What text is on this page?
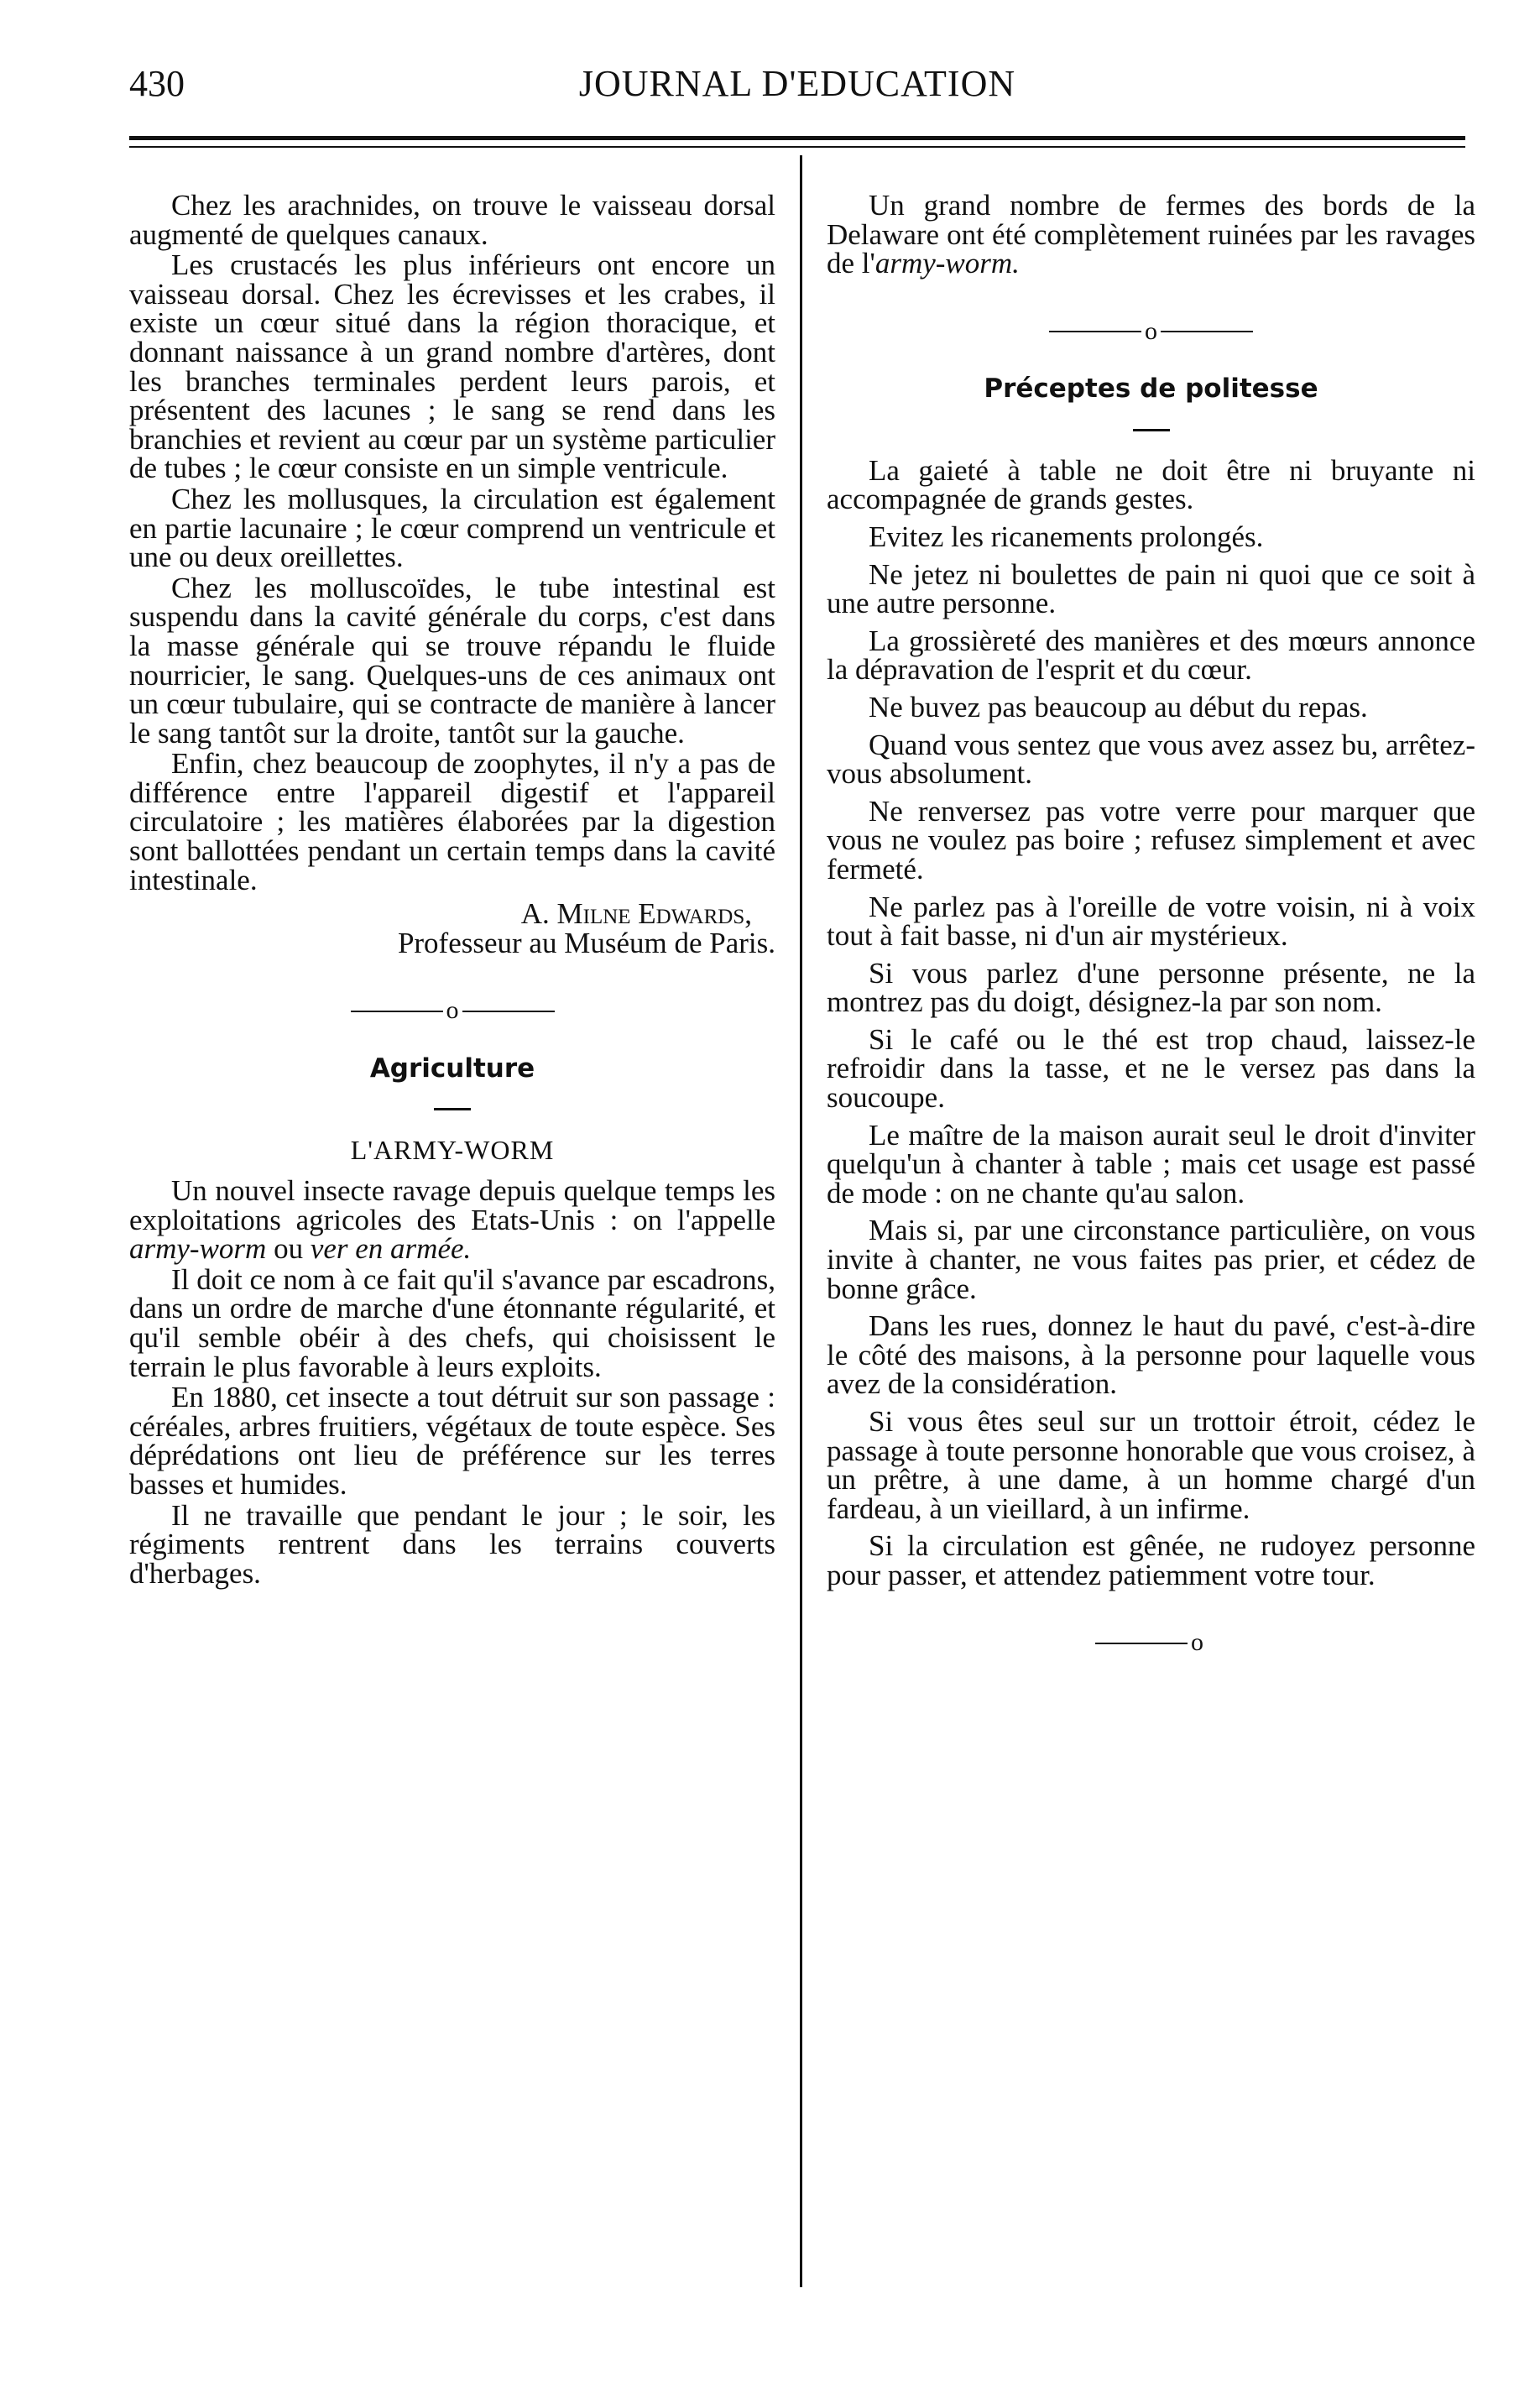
430	JOURNAL D'EDUCATION

Chez les arachnides, on trouve le vaisseau dorsal augmenté de quelques canaux.

Les crustacés les plus inférieurs ont encore un vaisseau dorsal. Chez les écrevisses et les crabes, il existe un cœur situé dans la région thoracique, et donnant naissance à un grand nombre d'artères, dont les branches terminales perdent leurs parois, et présentent des lacunes ; le sang se rend dans les branchies et revient au cœur par un système particulier de tubes ; le cœur consiste en un simple ventricule.

Chez les mollusques, la circulation est également en partie lacunaire ; le cœur comprend un ventricule et une ou deux oreillettes.

Chez les molluscoïdes, le tube intestinal est suspendu dans la cavité générale du corps, c'est dans la masse générale qui se trouve répandu le fluide nourricier, le sang. Quelques-uns de ces animaux ont un cœur tubulaire, qui se contracte de manière à lancer le sang tantôt sur la droite, tantôt sur la gauche.

Enfin, chez beaucoup de zoophytes, il n'y a pas de différence entre l'appareil digestif et l'appareil circulatoire ; les matières élaborées par la digestion sont ballottées pendant un certain temps dans la cavité intestinale.

A. Milne Edwards,
Professeur au Muséum de Paris.
o
Agriculture
L'ARMY-WORM

Un nouvel insecte ravage depuis quelque temps les exploitations agricoles des Etats-Unis : on l'appelle army-worm ou ver en armée.

Il doit ce nom à ce fait qu'il s'avance par escadrons, dans un ordre de marche d'une étonnante régularité, et qu'il semble obéir à des chefs, qui choisissent le terrain le plus favorable à leurs exploits.

En 1880, cet insecte a tout détruit sur son passage : céréales, arbres fruitiers, végétaux de toute espèce. Ses déprédations ont lieu de préférence sur les terres basses et humides.

Il ne travaille que pendant le jour ; le soir, les régiments rentrent dans les terrains couverts d'herbages.

Un grand nombre de fermes des bords de la Delaware ont été complètement ruinées par les ravages de l'army-worm.

o
Préceptes de politesse

La gaieté à table ne doit être ni bruyante ni accompagnée de grands gestes.

Evitez les ricanements prolongés.

Ne jetez ni boulettes de pain ni quoi que ce soit à une autre personne.

La grossièreté des manières et des mœurs annonce la dépravation de l'esprit et du cœur.

Ne buvez pas beaucoup au début du repas.

Quand vous sentez que vous avez assez bu, arrêtez-vous absolument.

Ne renversez pas votre verre pour marquer que vous ne voulez pas boire ; refusez simplement et avec fermeté.

Ne parlez pas à l'oreille de votre voisin, ni à voix tout à fait basse, ni d'un air mystérieux.

Si vous parlez d'une personne présente, ne la montrez pas du doigt, désignez-la par son nom.

Si le café ou le thé est trop chaud, laissez-le refroidir dans la tasse, et ne le versez pas dans la soucoupe.

Le maître de la maison aurait seul le droit d'inviter quelqu'un à chanter à table ; mais cet usage est passé de mode : on ne chante qu'au salon.

Mais si, par une circonstance particulière, on vous invite à chanter, ne vous faites pas prier, et cédez de bonne grâce.

Dans les rues, donnez le haut du pavé, c'est-à-dire le côté des maisons, à la personne pour laquelle vous avez de la considération.

Si vous êtes seul sur un trottoir étroit, cédez le passage à toute personne honorable que vous croisez, à un prêtre, à une dame, à un homme chargé d'un fardeau, à un vieillard, à un infirme.

Si la circulation est gênée, ne rudoyez personne pour passer, et attendez patiemment votre tour.

o
